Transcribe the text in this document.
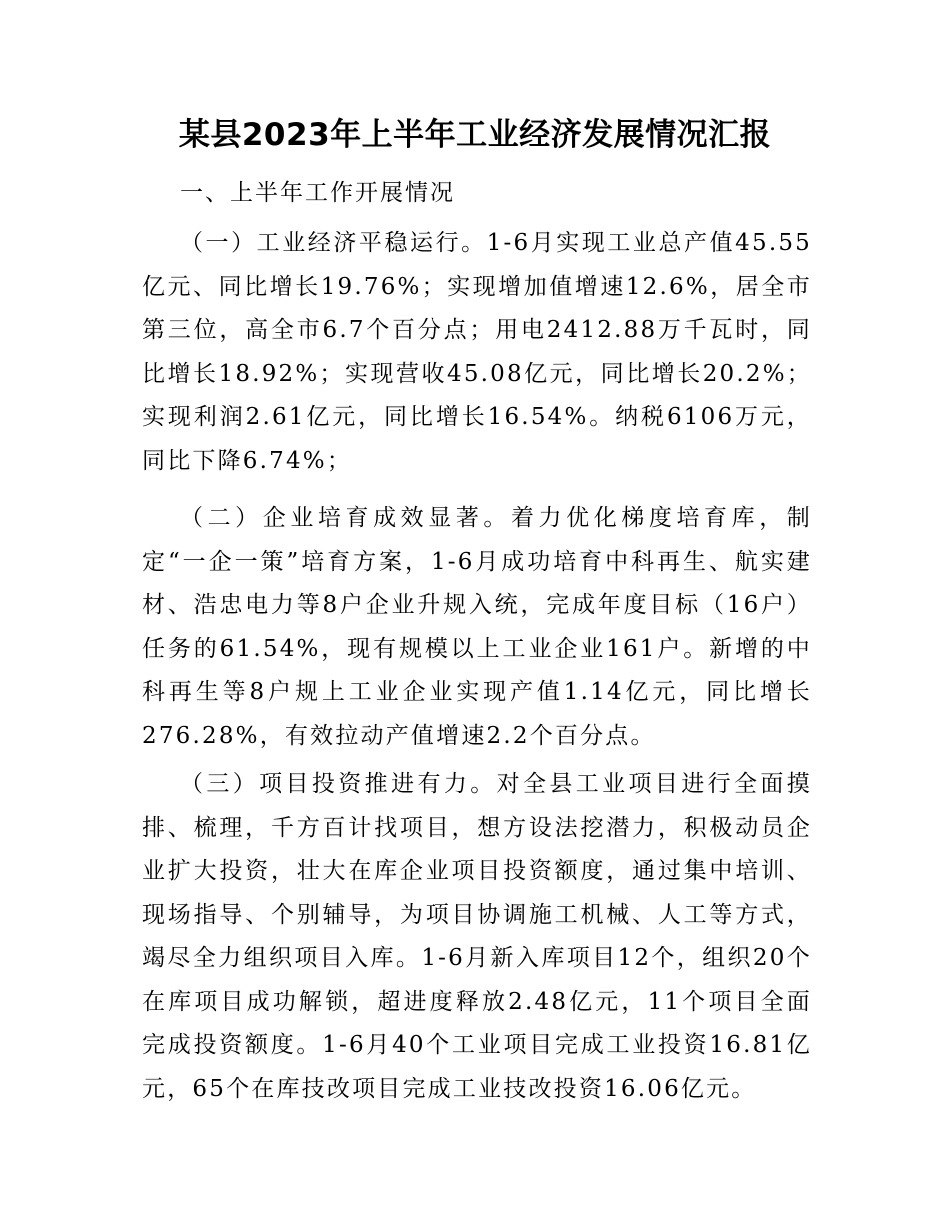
某县2023年上半年工业经济发展情况汇报
一、上半年工作开展情况

（一）工业经济平稳运行。1-6月实现工业总产值45.55亿元、同比增长19.76%；实现增加值增速12.6%，居全市第三位，高全市6.7个百分点；用电2412.88万千瓦时，同比增长18.92%；实现营收45.08亿元，同比增长20.2%；实现利润2.61亿元，同比增长16.54%。纳税6106万元，同比下降6.74%；

（二）企业培育成效显著。着力优化梯度培育库，制定“一企一策”培育方案，1-6月成功培育中科再生、航实建材、浩忠电力等8户企业升规入统，完成年度目标（16户）任务的61.54%，现有规模以上工业企业161户。新增的中科再生等8户规上工业企业实现产值1.14亿元，同比增长276.28%，有效拉动产值增速2.2个百分点。

（三）项目投资推进有力。对全县工业项目进行全面摸排、梳理，千方百计找项目，想方设法挖潜力，积极动员企业扩大投资，壮大在库企业项目投资额度，通过集中培训、现场指导、个别辅导，为项目协调施工机械、人工等方式，竭尽全力组织项目入库。1-6月新入库项目12个，组织20个在库项目成功解锁，超进度释放2.48亿元，11个项目全面完成投资额度。1-6月40个工业项目完成工业投资16.81亿元，65个在库技改项目完成工业技改投资16.06亿元。
